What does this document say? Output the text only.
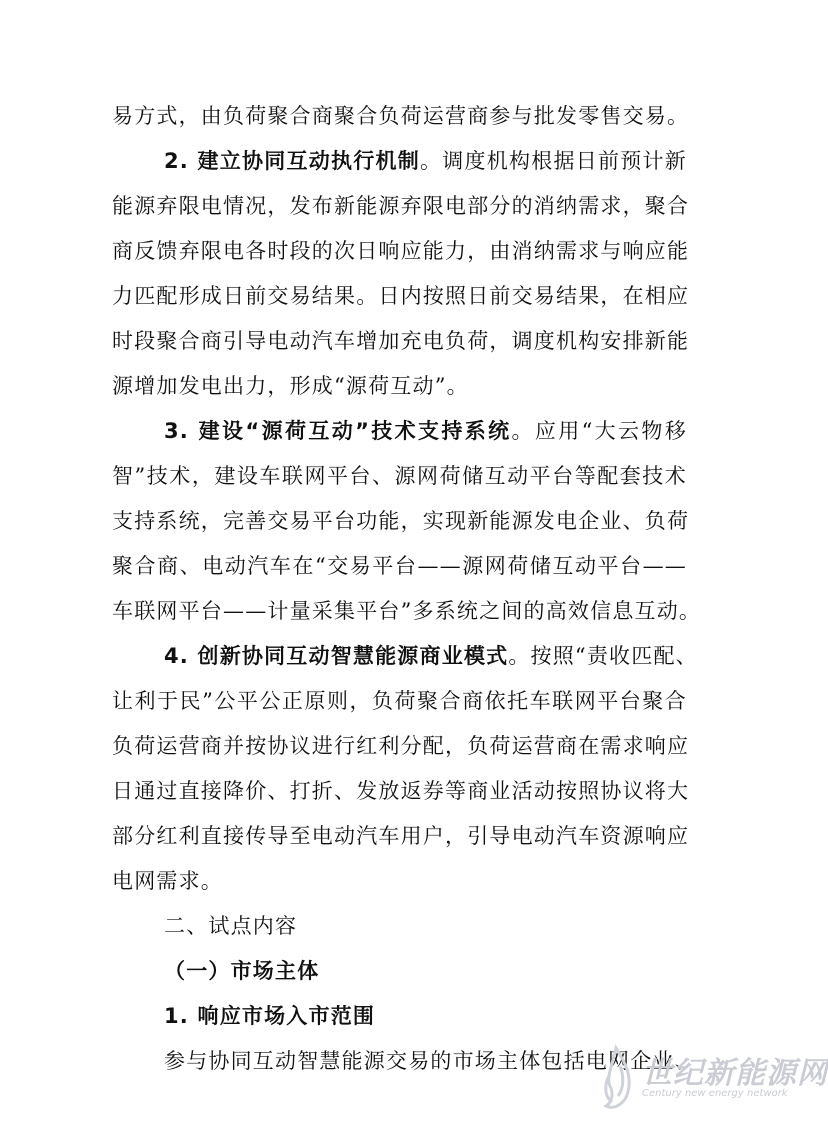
易方式，由负荷聚合商聚合负荷运营商参与批发零售交易。
2. 建立协同互动执行机制。调度机构根据日前预计新
能源弃限电情况，发布新能源弃限电部分的消纳需求，聚合
商反馈弃限电各时段的次日响应能力，由消纳需求与响应能
力匹配形成日前交易结果。日内按照日前交易结果，在相应
时段聚合商引导电动汽车增加充电负荷，调度机构安排新能
源增加发电出力，形成“源荷互动”。
3. 建设“源荷互动”技术支持系统。应用“大云物移
智”技术，建设车联网平台、源网荷储互动平台等配套技术
支持系统，完善交易平台功能，实现新能源发电企业、负荷
聚合商、电动汽车在“交易平台——源网荷储互动平台——
车联网平台——计量采集平台”多系统之间的高效信息互动。
4. 创新协同互动智慧能源商业模式。按照“责收匹配、
让利于民”公平公正原则，负荷聚合商依托车联网平台聚合
负荷运营商并按协议进行红利分配，负荷运营商在需求响应
日通过直接降价、打折、发放返券等商业活动按照协议将大
部分红利直接传导至电动汽车用户，引导电动汽车资源响应
电网需求。
二、试点内容
（一）市场主体
1. 响应市场入市范围
参与协同互动智慧能源交易的市场主体包括电网企业、
世纪新能源网
Century new energy network
